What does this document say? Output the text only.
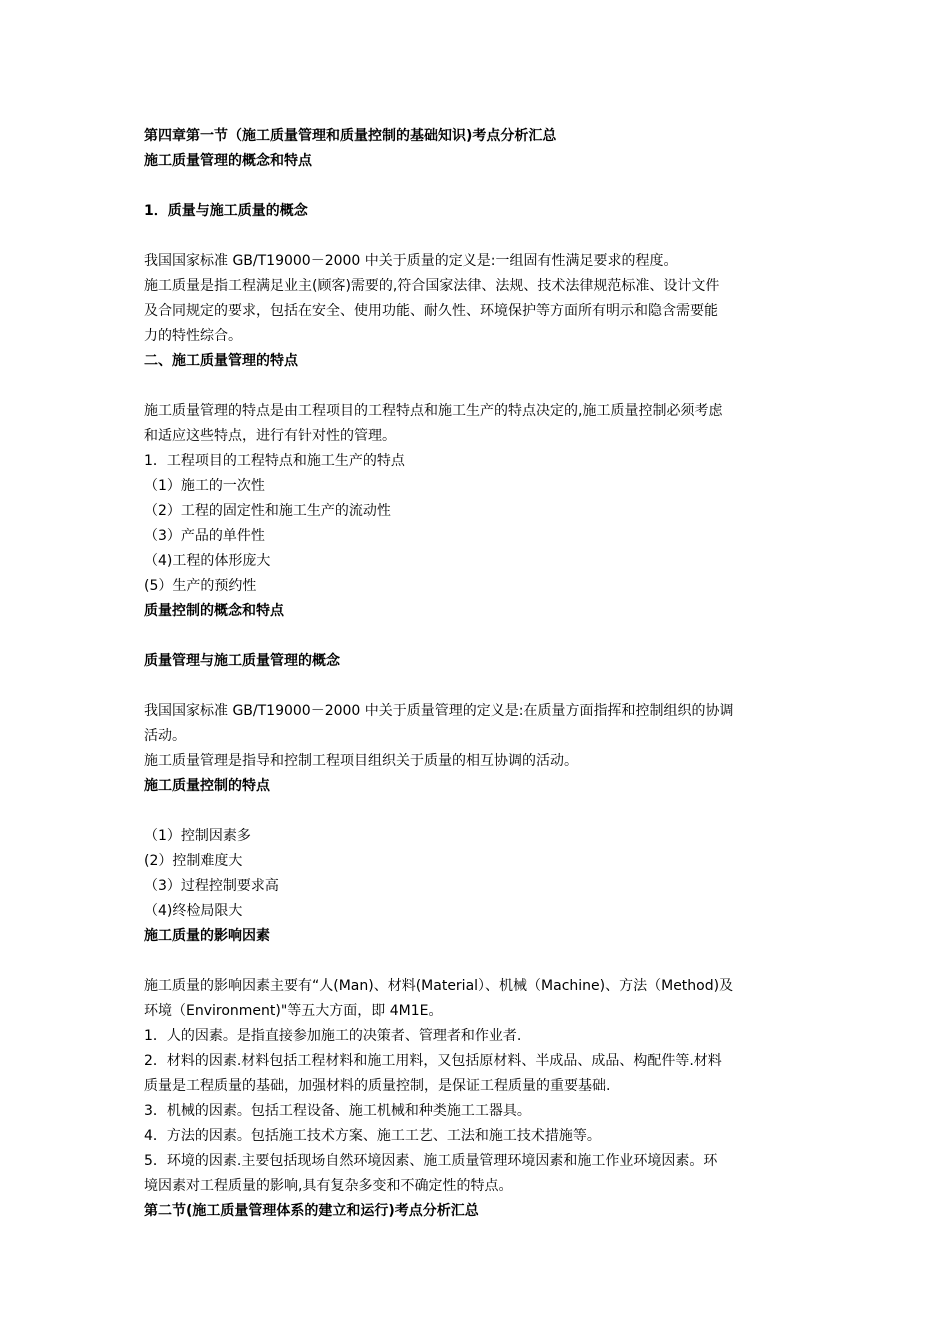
第四章第一节（施工质量管理和质量控制的基础知识)考点分析汇总
施工质量管理的概念和特点
1．质量与施工质量的概念
我国国家标准 GB/T19000－2000 中关于质量的定义是:一组固有性满足要求的程度。
施工质量是指工程满足业主(顾客)需要的,符合国家法律、法规、技术法律规范标准、设计文件
及合同规定的要求，包括在安全、使用功能、耐久性、环境保护等方面所有明示和隐含需要能
力的特性综合。
二、施工质量管理的特点
施工质量管理的特点是由工程项目的工程特点和施工生产的特点决定的,施工质量控制必须考虑
和适应这些特点，进行有针对性的管理。
1．工程项目的工程特点和施工生产的特点
（1）施工的一次性
（2）工程的固定性和施工生产的流动性
（3）产品的单件性
（4)工程的体形庞大
(5）生产的预约性
质量控制的概念和特点
质量管理与施工质量管理的概念
我国国家标准 GB/T19000－2000 中关于质量管理的定义是:在质量方面指挥和控制组织的协调
活动。
施工质量管理是指导和控制工程项目组织关于质量的相互协调的活动。
施工质量控制的特点
（1）控制因素多
(2）控制难度大
（3）过程控制要求高
（4)终检局限大
施工质量的影响因素
施工质量的影响因素主要有“人(Man)、材料(Material）、机械（Machine)、方法（Method)及
环境（Environment)"等五大方面，即 4M1E。
1．人的因素。是指直接参加施工的决策者、管理者和作业者.
2．材料的因素.材料包括工程材料和施工用料，又包括原材料、半成品、成品、构配件等.材料
质量是工程质量的基础，加强材料的质量控制，是保证工程质量的重要基础.
3．机械的因素。包括工程设备、施工机械和种类施工工器具。
4．方法的因素。包括施工技术方案、施工工艺、工法和施工技术措施等。
5．环境的因素.主要包括现场自然环境因素、施工质量管理环境因素和施工作业环境因素。环
境因素对工程质量的影响,具有复杂多变和不确定性的特点。
第二节(施工质量管理体系的建立和运行)考点分析汇总
